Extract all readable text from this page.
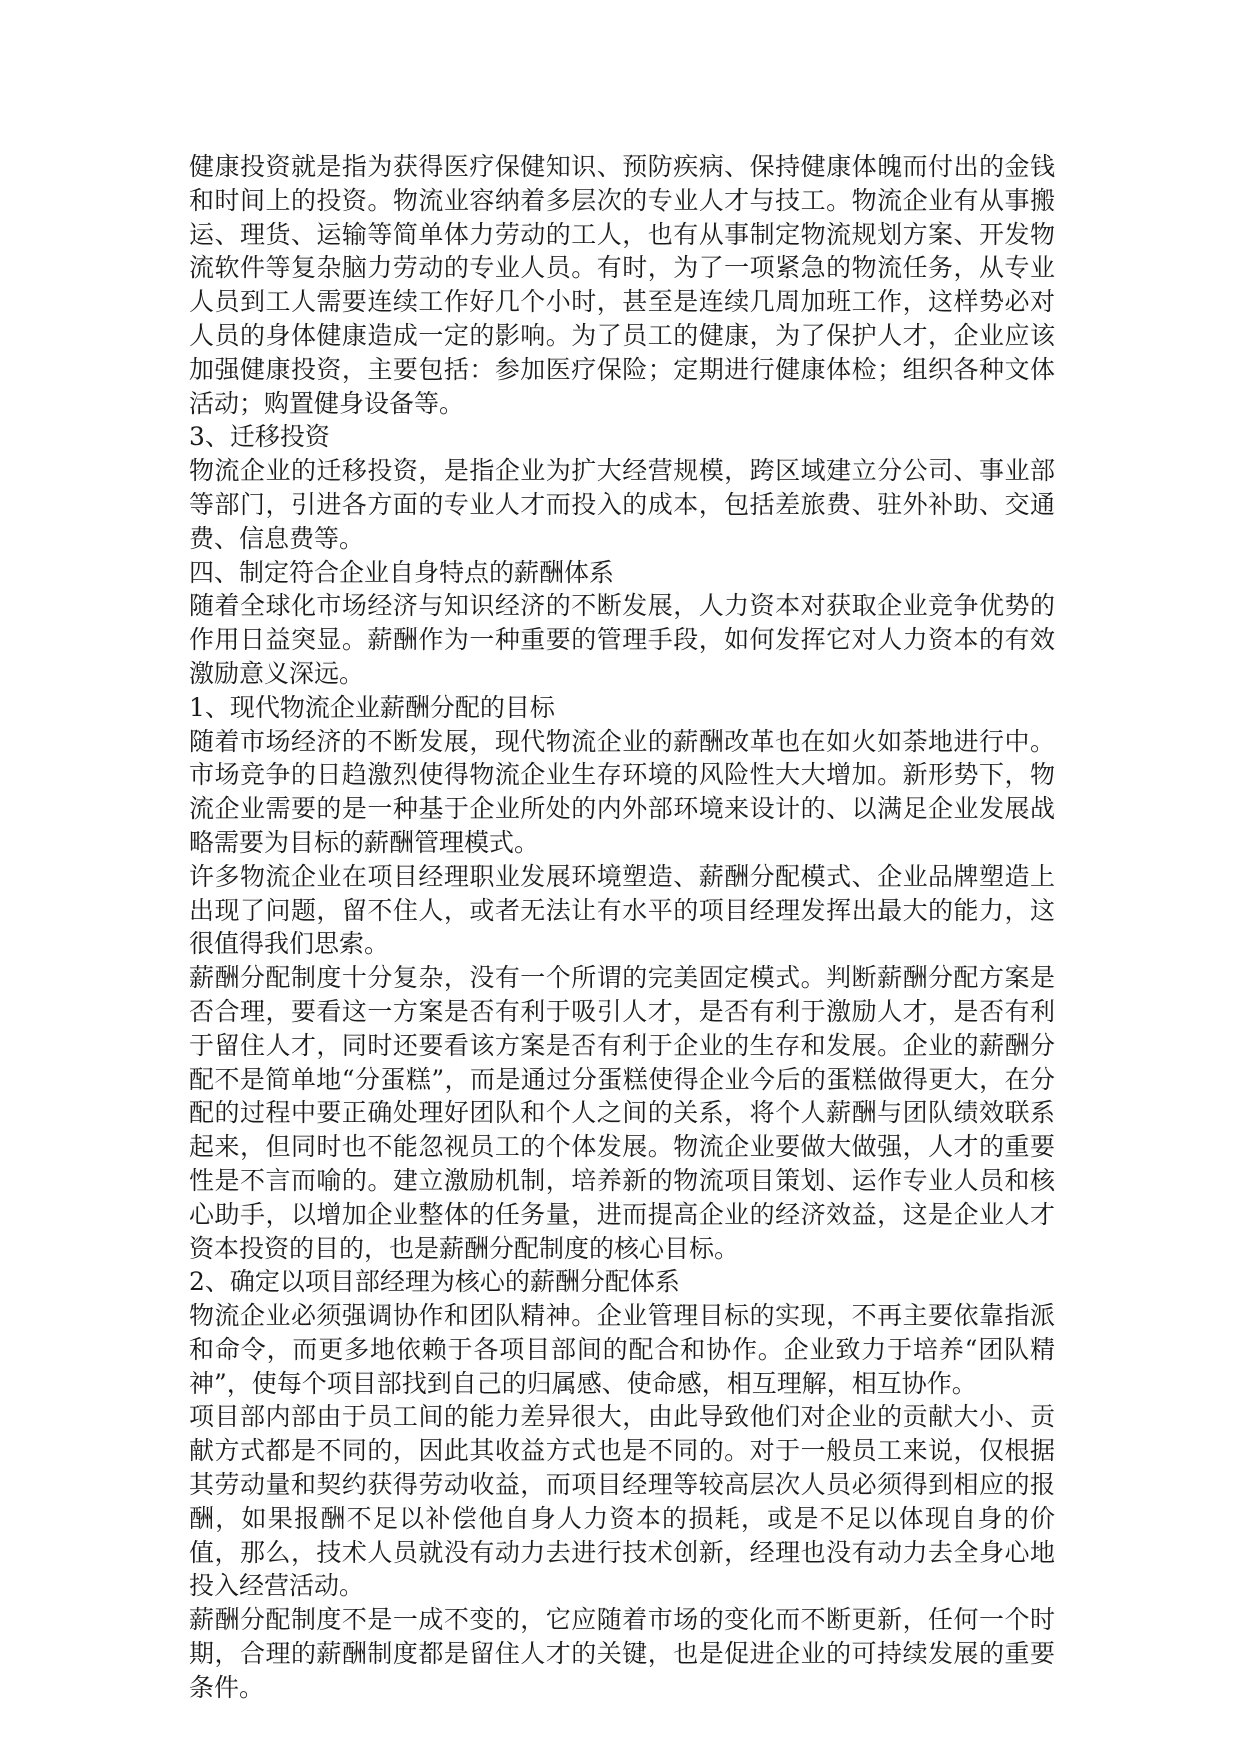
健康投资就是指为获得医疗保健知识、预防疾病、保持健康体魄而付出的金钱和时间上的投资。物流业容纳着多层次的专业人才与技工。物流企业有从事搬运、理货、运输等简单体力劳动的工人，也有从事制定物流规划方案、开发物流软件等复杂脑力劳动的专业人员。有时，为了一项紧急的物流任务，从专业人员到工人需要连续工作好几个小时，甚至是连续几周加班工作，这样势必对人员的身体健康造成一定的影响。为了员工的健康，为了保护人才，企业应该加强健康投资，主要包括：参加医疗保险；定期进行健康体检；组织各种文体活动；购置健身设备等。

3、迁移投资

物流企业的迁移投资，是指企业为扩大经营规模，跨区域建立分公司、事业部等部门，引进各方面的专业人才而投入的成本，包括差旅费、驻外补助、交通费、信息费等。

四、制定符合企业自身特点的薪酬体系

随着全球化市场经济与知识经济的不断发展，人力资本对获取企业竞争优势的作用日益突显。薪酬作为一种重要的管理手段，如何发挥它对人力资本的有效激励意义深远。

1、现代物流企业薪酬分配的目标

随着市场经济的不断发展，现代物流企业的薪酬改革也在如火如荼地进行中。市场竞争的日趋激烈使得物流企业生存环境的风险性大大增加。新形势下，物流企业需要的是一种基于企业所处的内外部环境来设计的、以满足企业发展战略需要为目标的薪酬管理模式。

许多物流企业在项目经理职业发展环境塑造、薪酬分配模式、企业品牌塑造上出现了问题，留不住人，或者无法让有水平的项目经理发挥出最大的能力，这很值得我们思索。

薪酬分配制度十分复杂，没有一个所谓的完美固定模式。判断薪酬分配方案是否合理，要看这一方案是否有利于吸引人才，是否有利于激励人才，是否有利于留住人才，同时还要看该方案是否有利于企业的生存和发展。企业的薪酬分配不是简单地“分蛋糕”，而是通过分蛋糕使得企业今后的蛋糕做得更大，在分配的过程中要正确处理好团队和个人之间的关系，将个人薪酬与团队绩效联系起来，但同时也不能忽视员工的个体发展。物流企业要做大做强，人才的重要性是不言而喻的。建立激励机制，培养新的物流项目策划、运作专业人员和核心助手，以增加企业整体的任务量，进而提高企业的经济效益，这是企业人才资本投资的目的，也是薪酬分配制度的核心目标。

2、确定以项目部经理为核心的薪酬分配体系

物流企业必须强调协作和团队精神。企业管理目标的实现，不再主要依靠指派和命令，而更多地依赖于各项目部间的配合和协作。企业致力于培养“团队精神”，使每个项目部找到自己的归属感、使命感，相互理解，相互协作。

项目部内部由于员工间的能力差异很大，由此导致他们对企业的贡献大小、贡献方式都是不同的，因此其收益方式也是不同的。对于一般员工来说，仅根据其劳动量和契约获得劳动收益，而项目经理等较高层次人员必须得到相应的报酬，如果报酬不足以补偿他自身人力资本的损耗，或是不足以体现自身的价值，那么，技术人员就没有动力去进行技术创新，经理也没有动力去全身心地投入经营活动。

薪酬分配制度不是一成不变的，它应随着市场的变化而不断更新，任何一个时期，合理的薪酬制度都是留住人才的关键，也是促进企业的可持续发展的重要条件。
